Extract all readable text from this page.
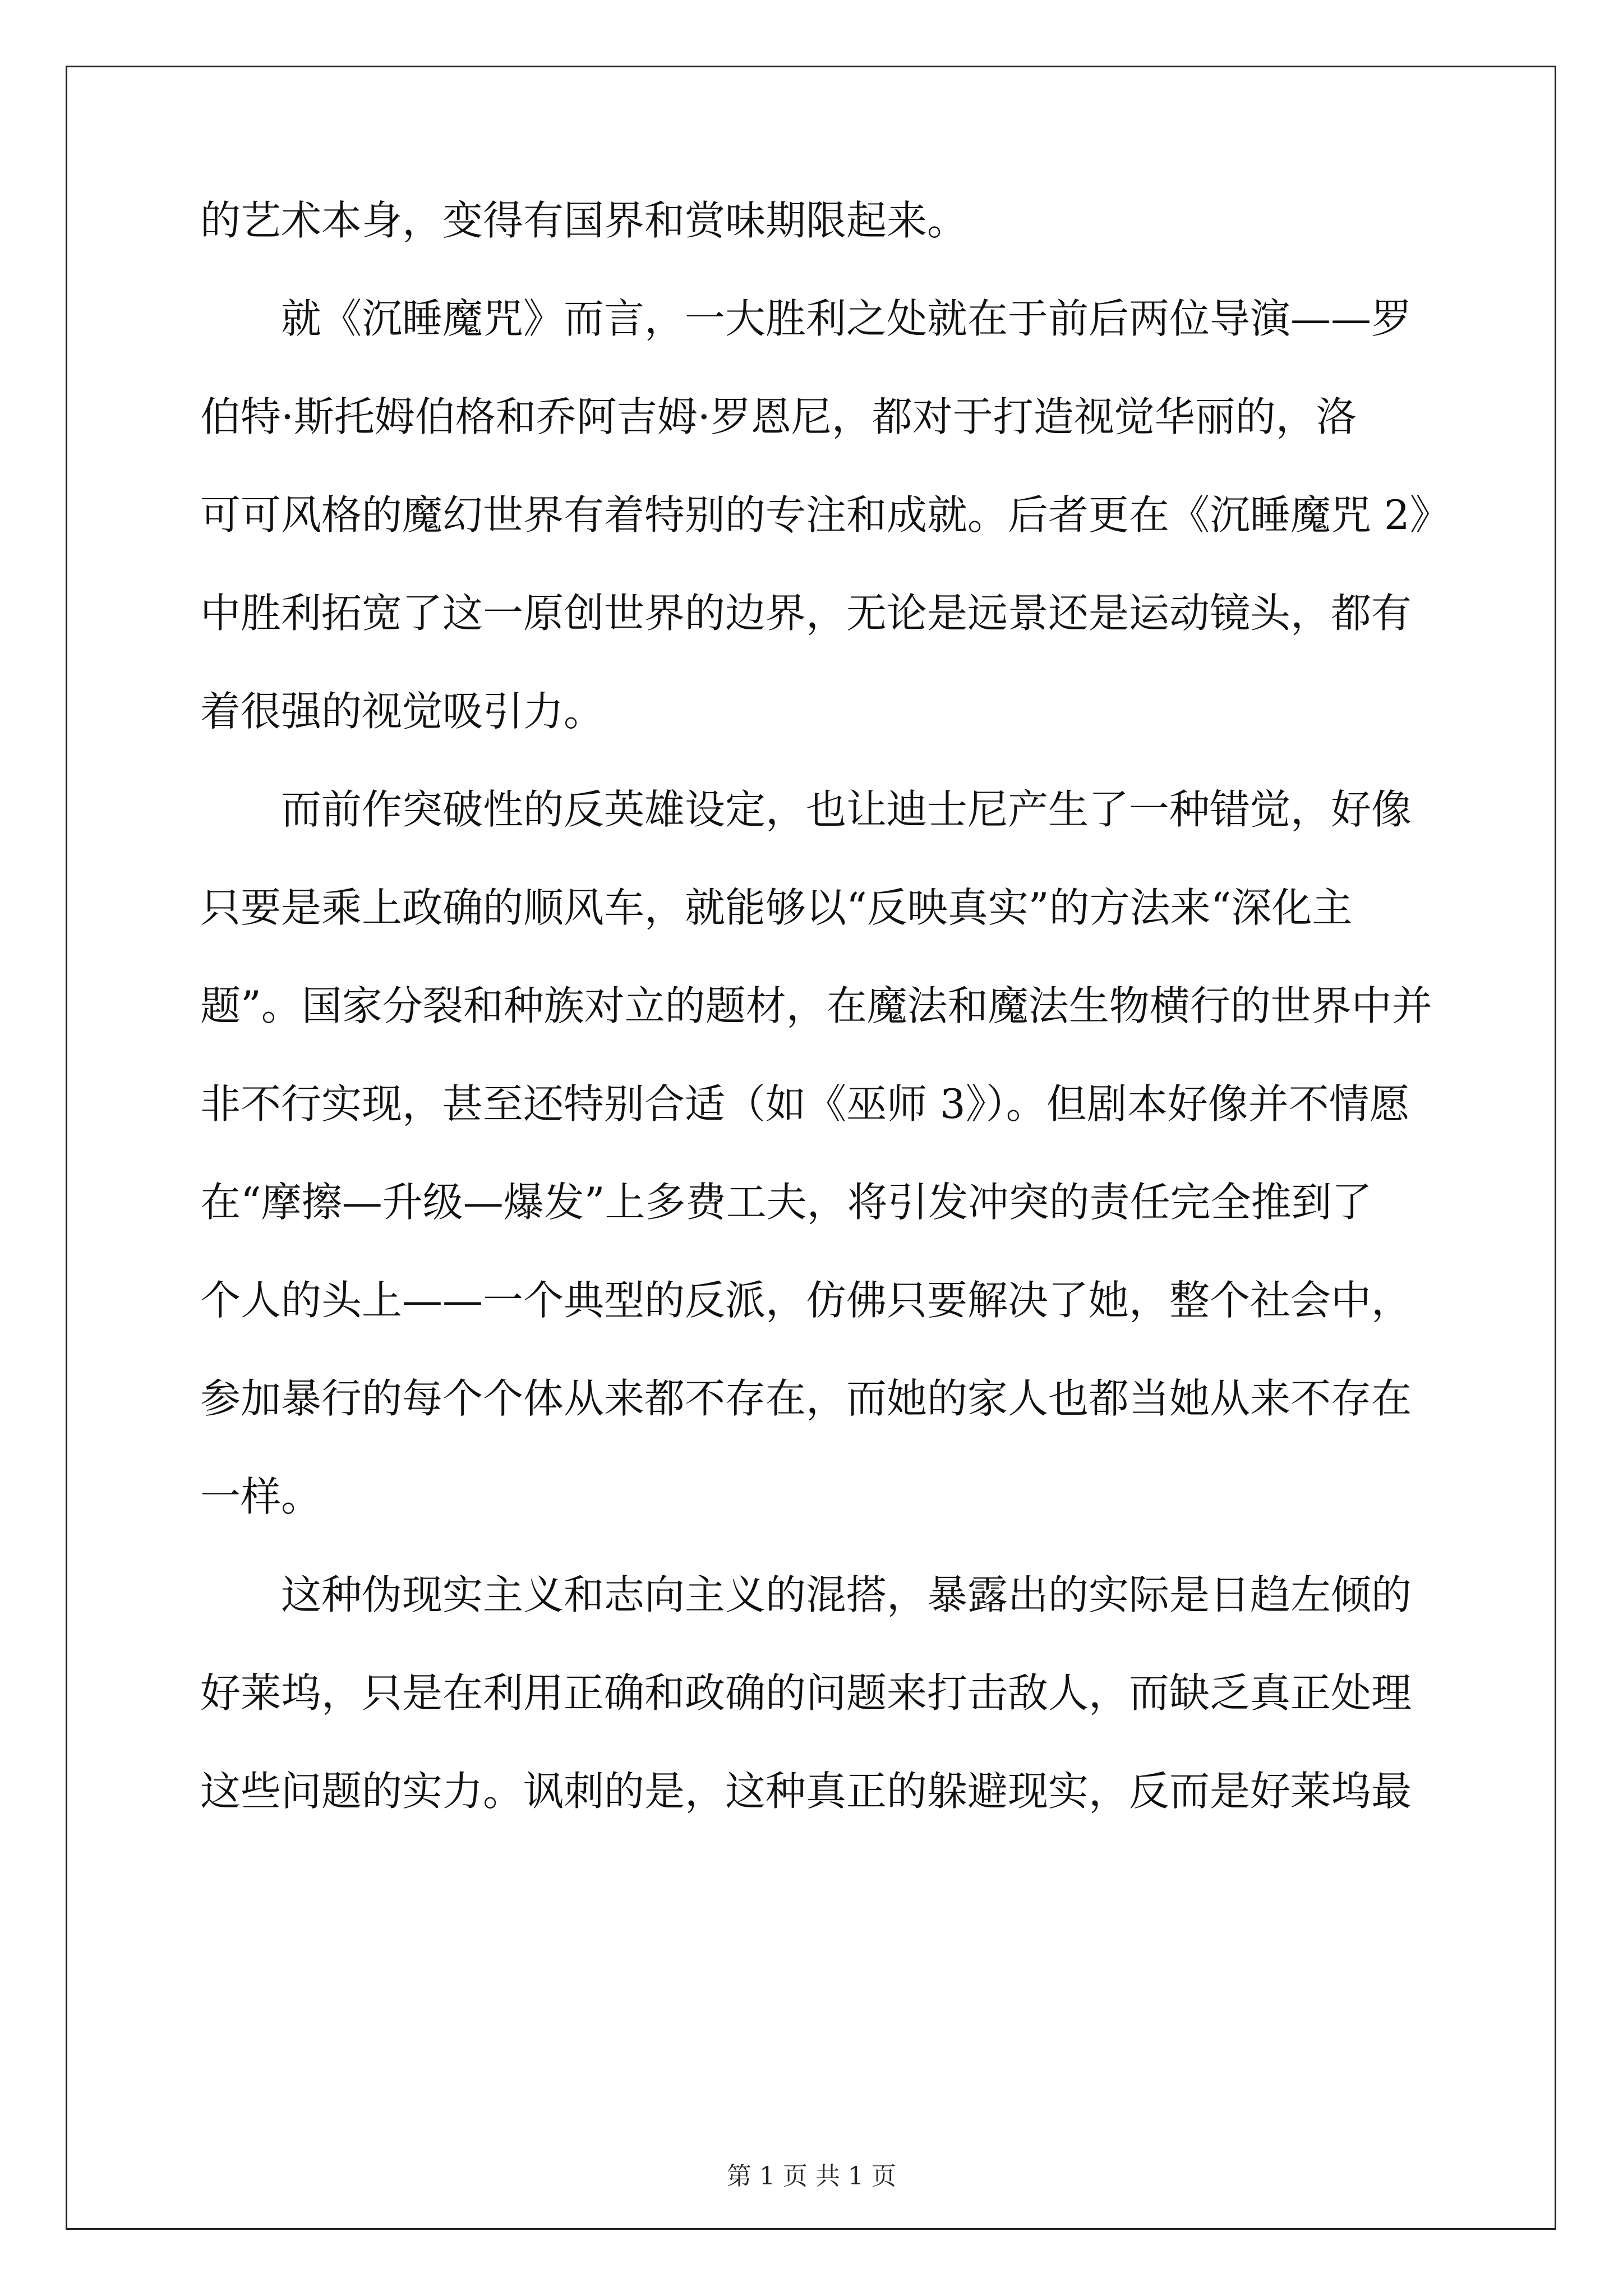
的艺术本身，变得有国界和赏味期限起来。
就《沉睡魔咒》而言，一大胜利之处就在于前后两位导演——罗
伯特·斯托姆伯格和乔阿吉姆·罗恩尼，都对于打造视觉华丽的，洛
可可风格的魔幻世界有着特别的专注和成就。后者更在《沉睡魔咒 2》
中胜利拓宽了这一原创世界的边界，无论是远景还是运动镜头，都有
着很强的视觉吸引力。
而前作突破性的反英雄设定，也让迪士尼产生了一种错觉，好像
只要是乘上政确的顺风车，就能够以“反映真实”的方法来“深化主
题”。国家分裂和种族对立的题材，在魔法和魔法生物横行的世界中并
非不行实现，甚至还特别合适（如《巫师 3》）。但剧本好像并不情愿
在“摩擦—升级—爆发”上多费工夫，将引发冲突的责任完全推到了
个人的头上——一个典型的反派，仿佛只要解决了她，整个社会中，
参加暴行的每个个体从来都不存在，而她的家人也都当她从来不存在
一样。
这种伪现实主义和志向主义的混搭，暴露出的实际是日趋左倾的
好莱坞，只是在利用正确和政确的问题来打击敌人，而缺乏真正处理
这些问题的实力。讽刺的是，这种真正的躲避现实，反而是好莱坞最
第 1 页 共 1 页
